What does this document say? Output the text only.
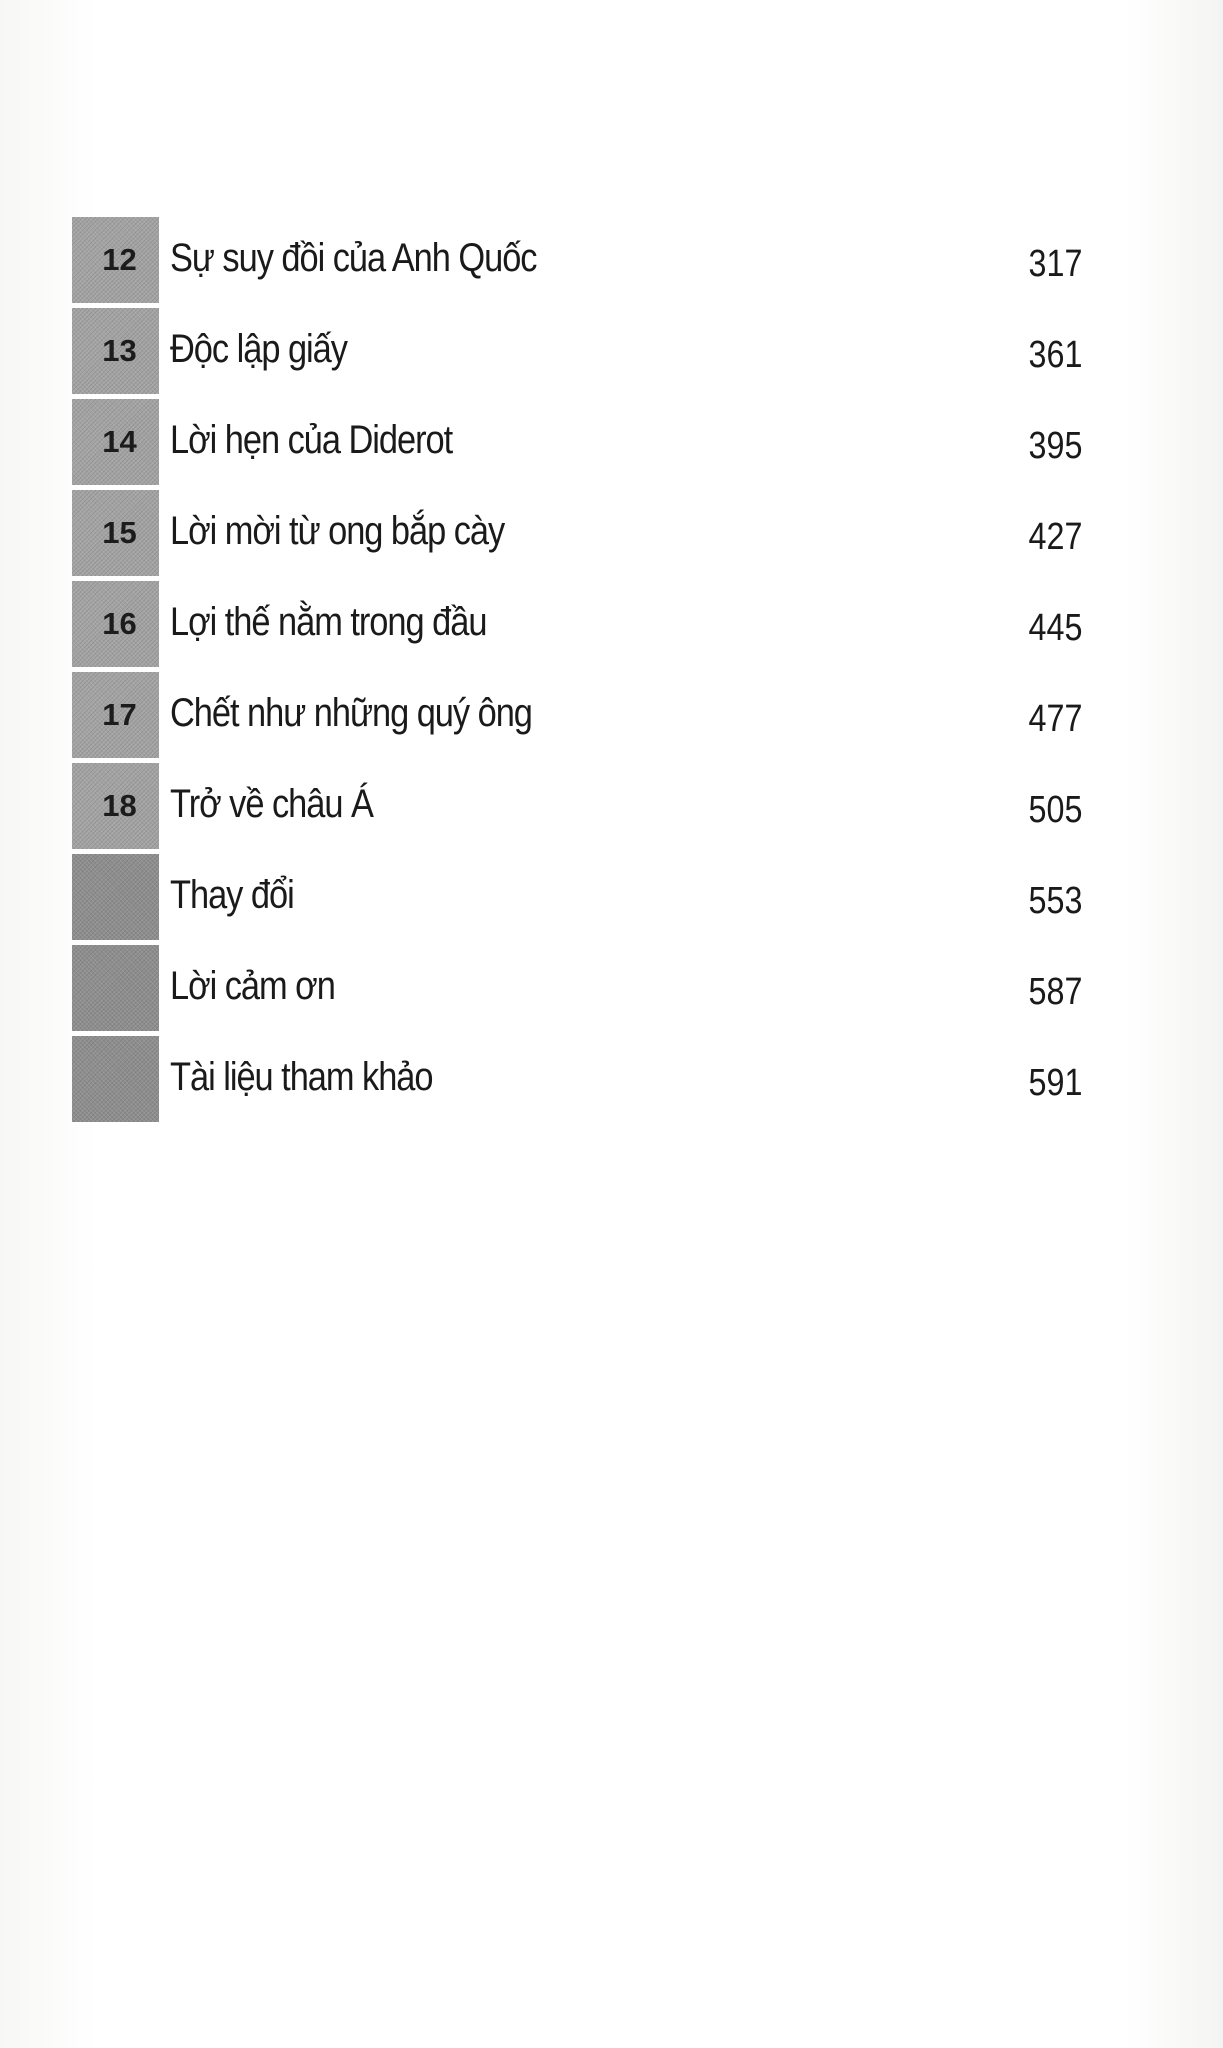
12 Sự suy đồi của Anh Quốc	317
13 Độc lập giấy	361
14 Lời hẹn của Diderot	395
15 Lời mời từ ong bắp cày	427
16 Lợi thế nằm trong đầu	445
17 Chết như những quý ông	477
18 Trở về châu Á	505
Thay đổi	553
Lời cảm ơn	587
Tài liệu tham khảo	591
